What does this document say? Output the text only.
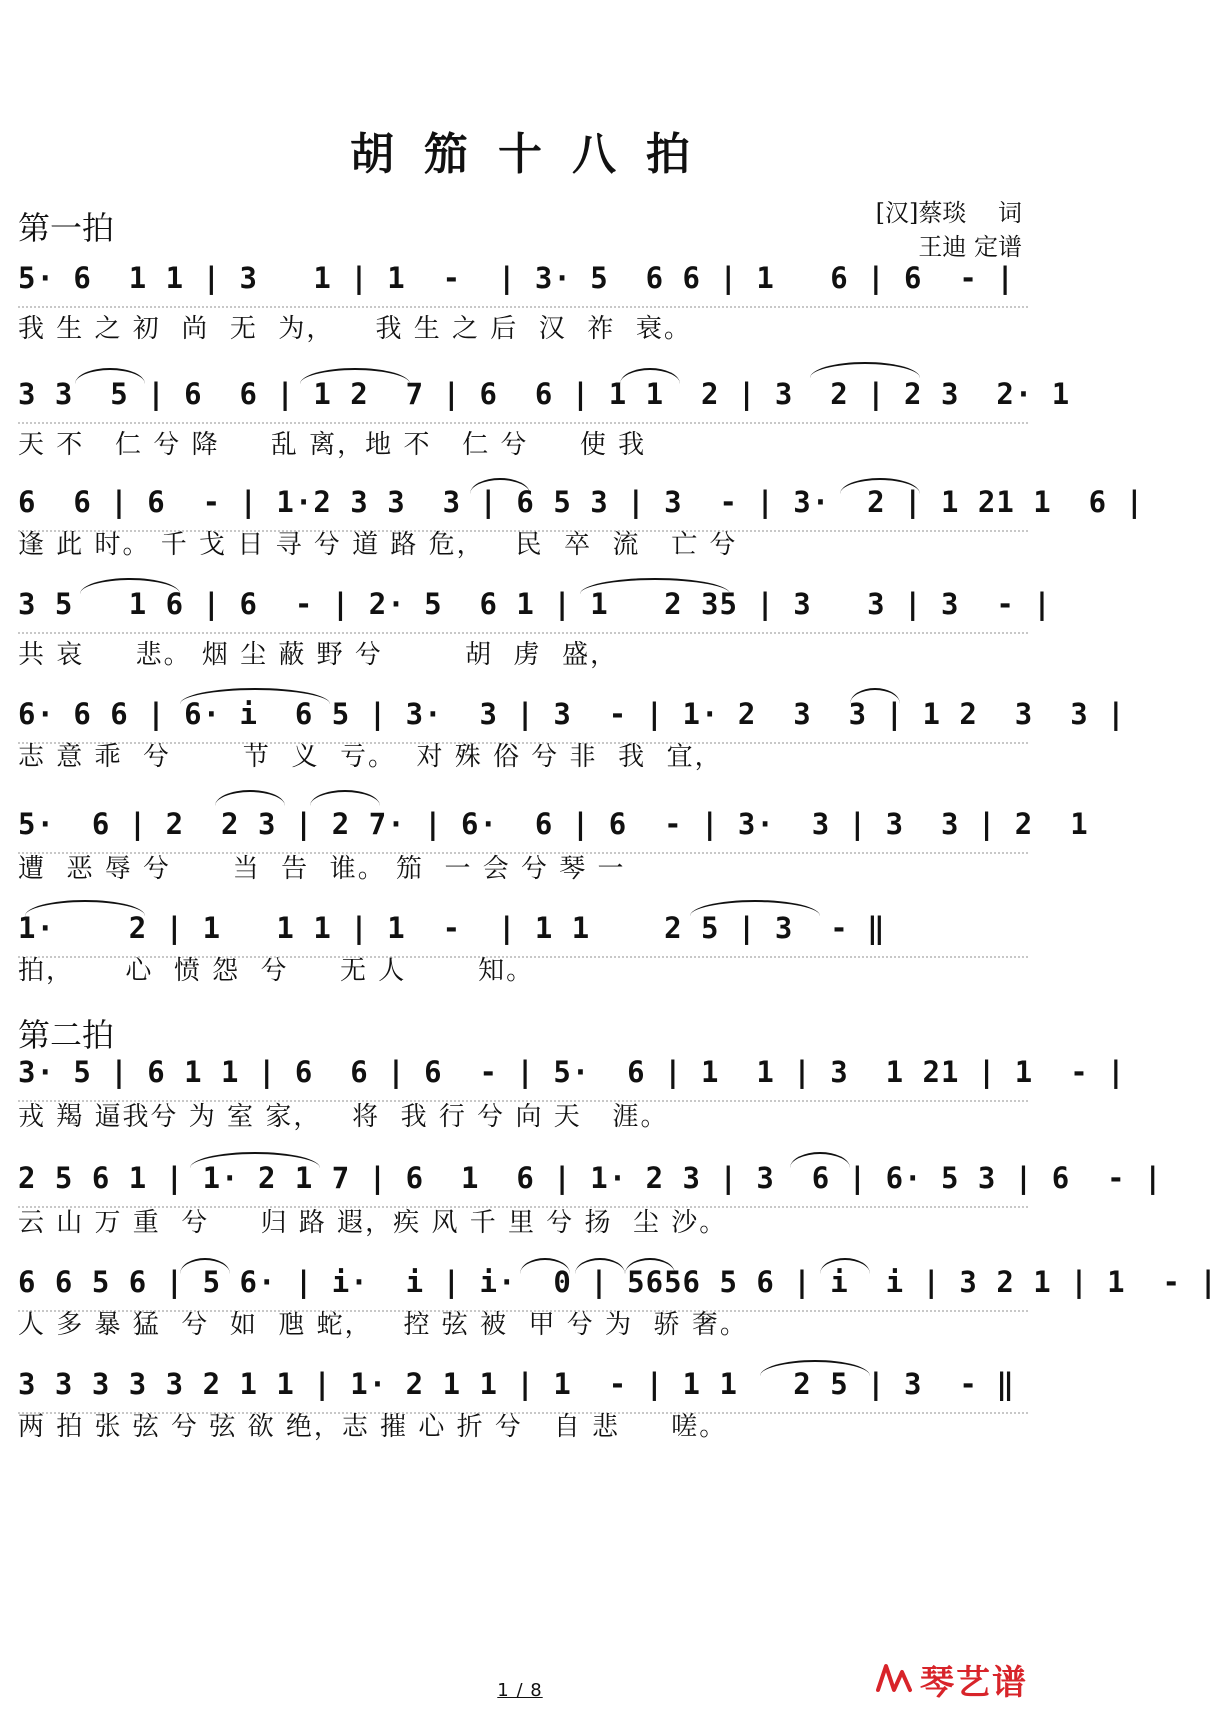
胡笳十八拍
[汉]蔡琰　 词
王迪 定谱
第一拍
5· 6  1 1 | 3   1 | 1  -  | 3· 5  6 6 | 1   6 | 6  - |
我 生 之 初  尚  无  为，    我 生 之 后  汉  祚  衰。
3 3  5 | 6  6 | 1 2  7 | 6  6 | 1 1  2 | 3  2 | 2 3  2· 1
天 不   仁 兮 降     乱 离，地 不   仁 兮     使 我
6  6 | 6  - | 1·2 3 3  3 | 6 5 3 | 3  - | 3·  2 | 1 21 1  6 |
逢 此 时。 千 戈 日 寻 兮 道 路 危，   民  卒  流   亡 兮
3 5   1 6 | 6  - | 2· 5  6 1 | 1   2 35 | 3   3 | 3  - |
共 哀     悲。 烟 尘 蔽 野 兮        胡  虏  盛，
6· 6 6 | 6· i  6 5 | 3·  3 | 3  - | 1· 2  3  3 | 1 2  3  3 |
志 意 乖  兮       节  义  亏。  对 殊 俗 兮 非  我  宜，
5·  6 | 2  2 3 | 2 7· | 6·  6 | 6  - | 3·  3 | 3  3 | 2  1
遭  恶 辱 兮      当  告  谁。 笳  一 会 兮 琴 一
1·    2 | 1   1 1 | 1  -  | 1 1    2 5 | 3  - ‖
拍，     心  愤 怨  兮     无 人       知。
第二拍
3· 5 | 6 1 1 | 6  6 | 6  - | 5·  6 | 1  1 | 3  1 21 | 1  - |
戎 羯 逼我兮 为 室 家，   将  我 行 兮 向 天   涯。
2 5 6 1 | 1· 2 1 7 | 6  1  6 | 1· 2 3 | 3  6 | 6· 5 3 | 6  - |
云 山 万 重  兮     归 路 遐，疾 风 千 里 兮 扬  尘 沙。
6 6 5 6 | 5 6· | i·  i | i·  0 | 5656 5 6 | i  i | 3 2 1 | 1  - |
人 多 暴 猛  兮  如  虺 蛇，   控 弦 被  甲 兮 为  骄 奢。
3 3 3 3 3 2 1 1 | 1· 2 1 1 | 1  - | 1 1   2 5 | 3  - ‖
两 拍 张 弦 兮 弦 欲 绝，志 摧 心 折 兮   自 悲     嗟。
1 / 8	琴艺谱
